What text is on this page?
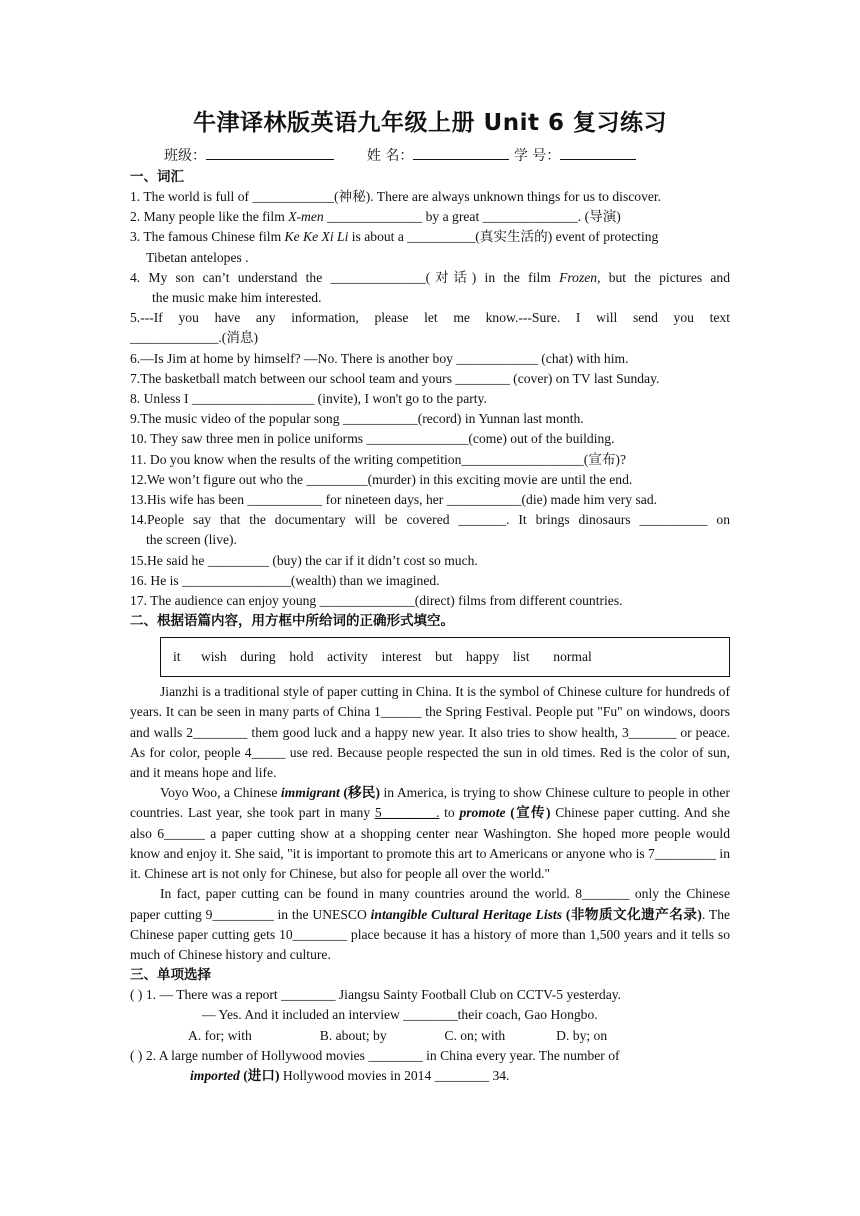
牛津译林版英语九年级上册 Unit 6 复习练习
班级：	姓 名：	学 号：
一、词汇
1. The world is full of ____________(神秘). There are always unknown things for us to discover.
2. Many people like the film X-men ______________ by a great ______________. (导演)
3. The famous Chinese film Ke Ke Xi Li is about a __________(真实生活的) event of protecting
Tibetan antelopes .
4. My son can’t understand the ______________(对话) in the film Frozen, but the pictures and
the music make him interested.
5.---If you have any information, please let me know.---Sure. I will send you text
_____________.(消息)
6.—Is Jim at home by himself? —No. There is another boy ____________ (chat) with him.
7.The basketball match between our school team and yours ________ (cover) on TV last Sunday.
8. Unless I __________________ (invite), I won't go to the party.
9.The music video of the popular song ___________(record) in Yunnan last month.
10. They saw three men in police uniforms _______________(come) out of the building.
11. Do you know when the results of the writing competition__________________(宣布)?
12.We won’t figure out who the _________(murder) in this exciting movie are until the end.
13.His wife has been ___________ for nineteen days, her ___________(die) made him very sad.
14.People say that the documentary will be covered _______. It brings dinosaurs __________ on
the screen (live).
15.He said he _________ (buy) the car if it didn’t cost so much.
16. He is ________________(wealth) than we imagined.
17. The audience can enjoy young ______________(direct) films from different countries.
二、根据语篇内容，用方框中所给词的正确形式填空。
it wish during hold activity interest but happy list normal
Jianzhi is a traditional style of paper cutting in China. It is the symbol of Chinese culture for hundreds of years. It can be seen in many parts of China 1______ the Spring Festival. People put "Fu" on windows, doors and walls 2________ them good luck and a happy new year. It also tries to show health, 3_______ or peace. As for color, people 4_____ use red. Because people respected the sun in old times. Red is the color of sun, and it means hope and life.
Voyo Woo, a Chinese immigrant (移民) in America, is trying to show Chinese culture to people in other countries. Last year, she took part in many 5________. to promote (宣传) Chinese paper cutting. And she also 6______ a paper cutting show at a shopping center near Washington. She hoped more people would know and enjoy it. She said, "it is important to promote this art to Americans or anyone who is 7_________ in it. Chinese art is not only for Chinese, but also for people all over the world."
In fact, paper cutting can be found in many countries around the world. 8_______ only the Chinese paper cutting 9_________ in the UNESCO intangible Cultural Heritage Lists (非物质文化遗产名录). The Chinese paper cutting gets 10________ place because it has a history of more than 1,500 years and it tells so much of Chinese history and culture.
三、单项选择
( ) 1. — There was a report ________ Jiangsu Sainty Football Club on CCTV-5 yesterday.
— Yes. And it included an interview ________their coach, Gao Hongbo.
A. for; with                    B. about; by                 C. on; with               D. by; on
( ) 2. A large number of Hollywood movies ________ in China every year. The number of
imported (进口) Hollywood movies in 2014 ________ 34.
